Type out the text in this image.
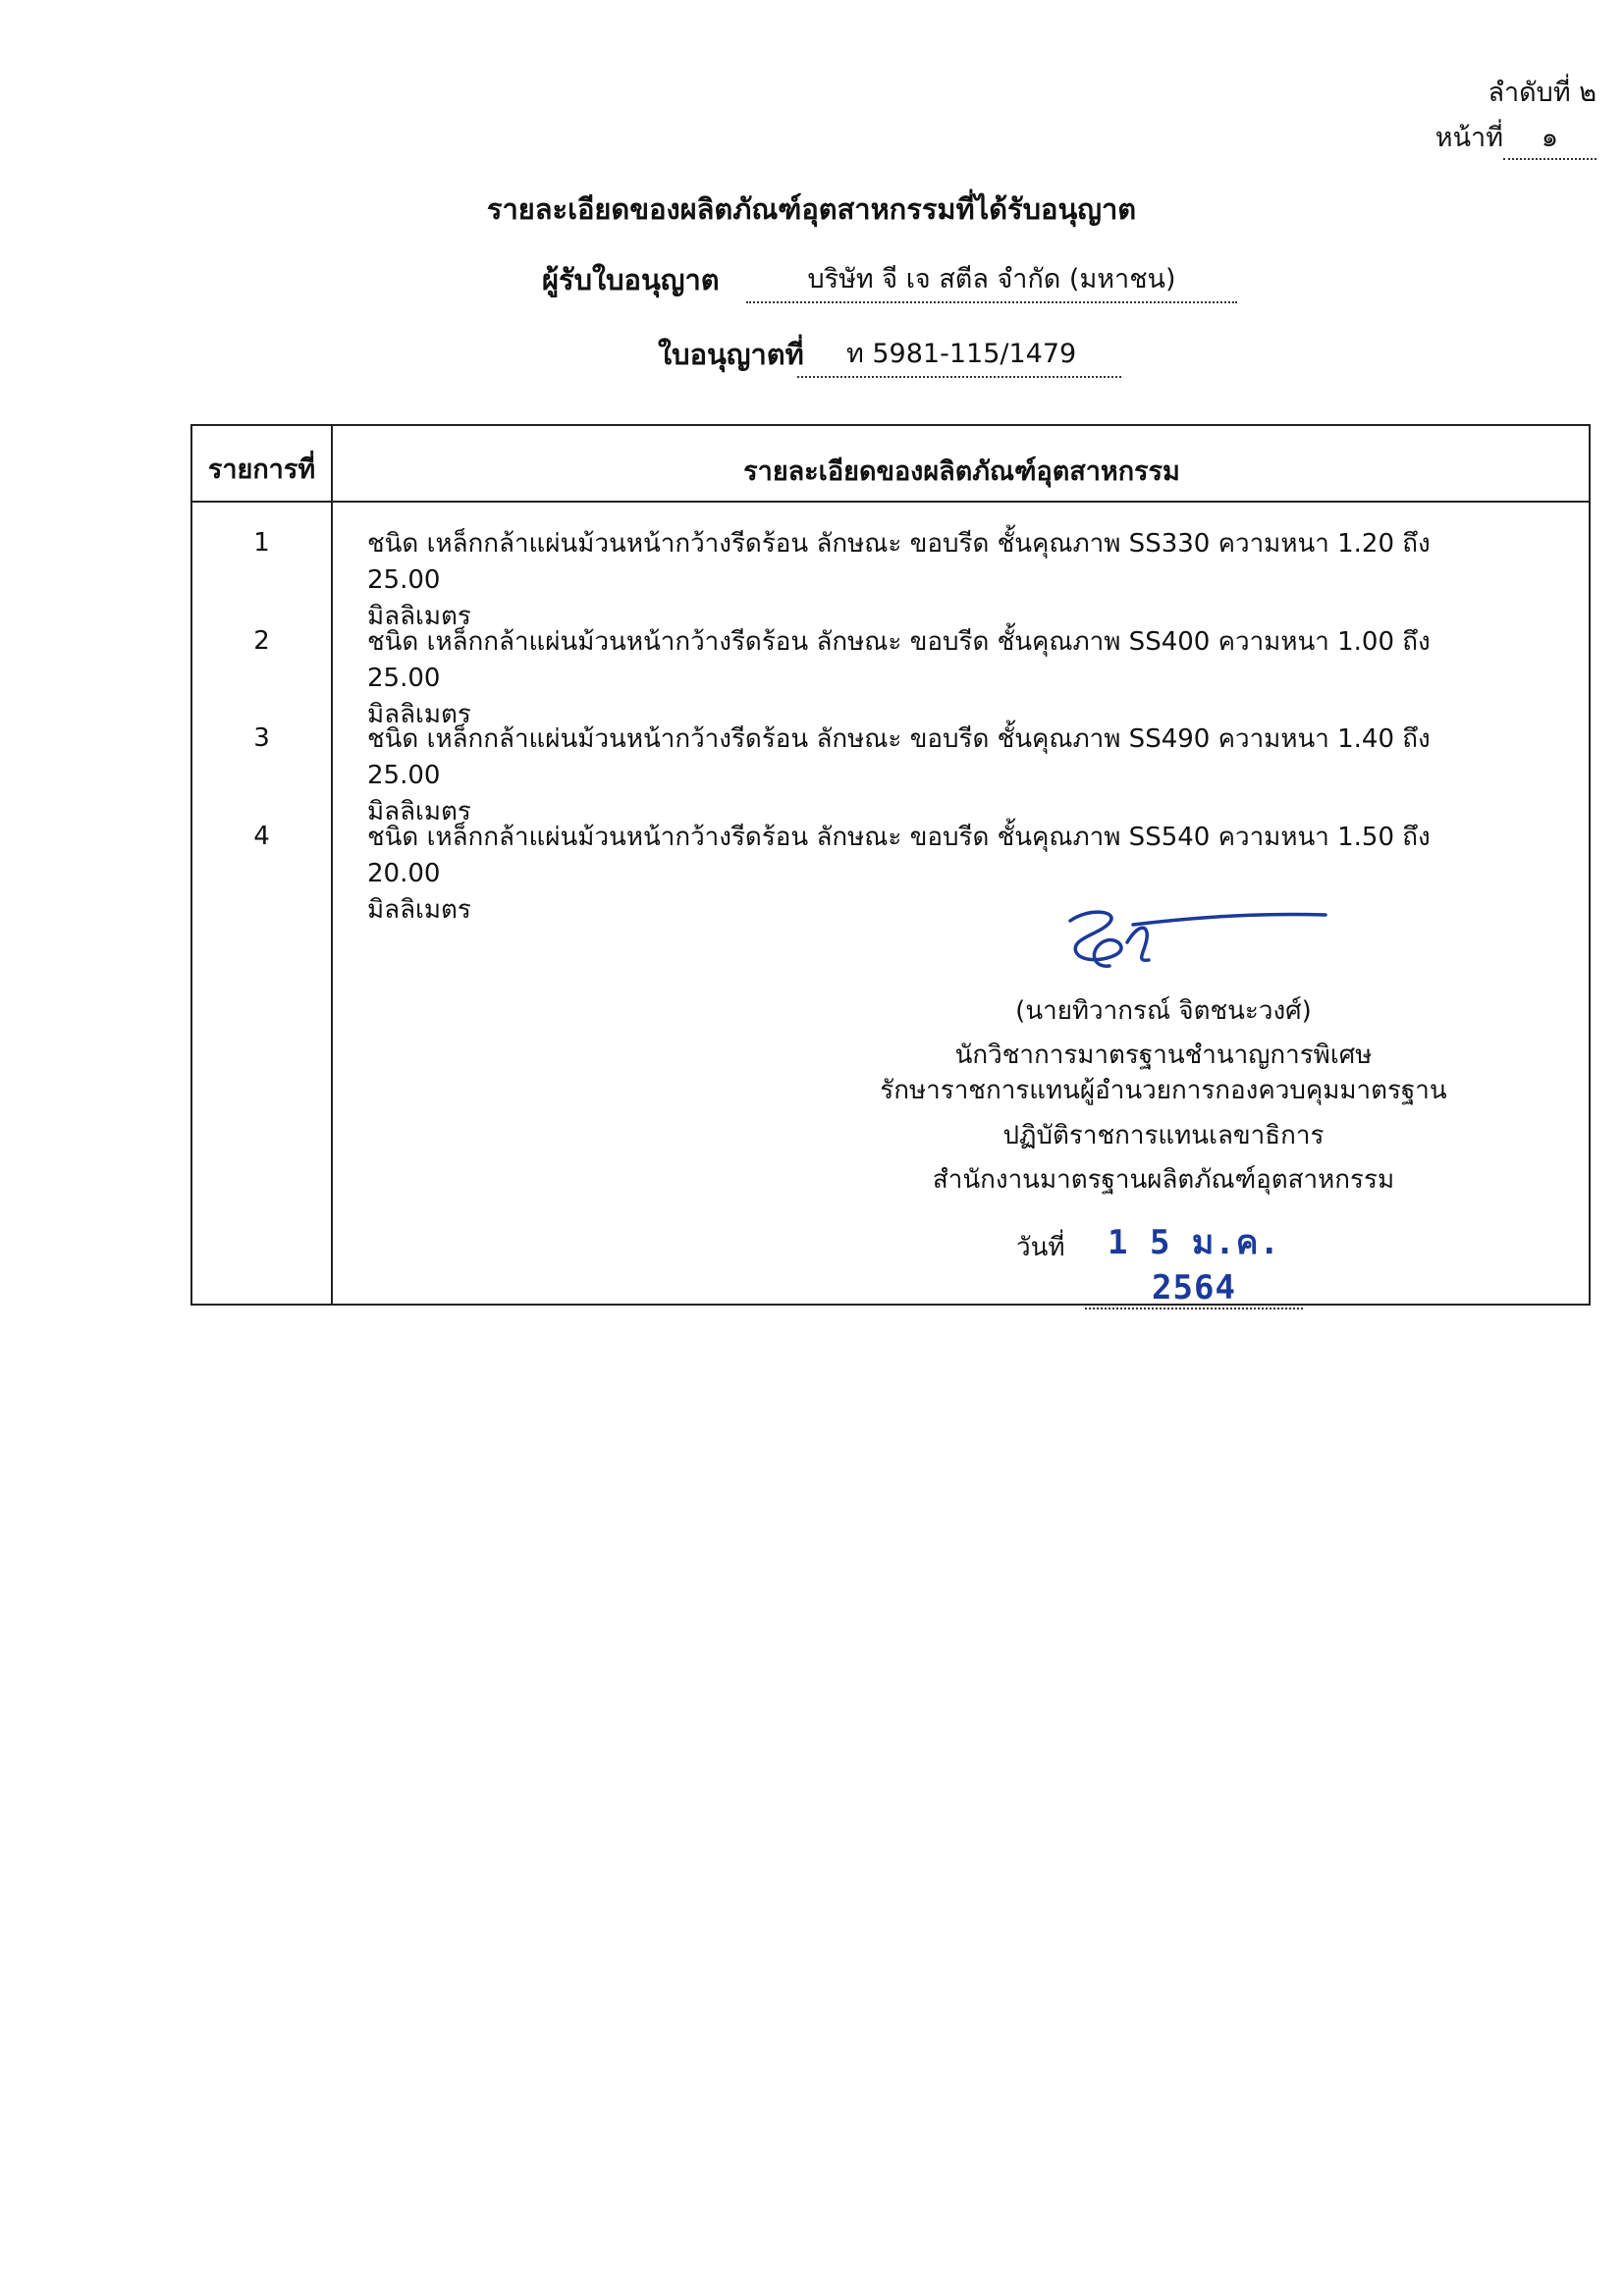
ลำดับที่ ๒
หน้าที่ ๑
รายละเอียดของผลิตภัณฑ์อุตสาหกรรมที่ได้รับอนุญาต
ผู้รับใบอนุญาต	บริษัท จี เจ สตีล จำกัด (มหาชน)
ใบอนุญาตที่	ท 5981-115/1479
รายการที่	รายละเอียดของผลิตภัณฑ์อุตสาหกรรม
1	ชนิด เหล็กกล้าแผ่นม้วนหน้ากว้างรีดร้อน ลักษณะ ขอบรีด ชั้นคุณภาพ SS330 ความหนา 1.20 ถึง 25.00
มิลลิเมตร
2	ชนิด เหล็กกล้าแผ่นม้วนหน้ากว้างรีดร้อน ลักษณะ ขอบรีด ชั้นคุณภาพ SS400 ความหนา 1.00 ถึง 25.00
มิลลิเมตร
3	ชนิด เหล็กกล้าแผ่นม้วนหน้ากว้างรีดร้อน ลักษณะ ขอบรีด ชั้นคุณภาพ SS490 ความหนา 1.40 ถึง 25.00
มิลลิเมตร
4	ชนิด เหล็กกล้าแผ่นม้วนหน้ากว้างรีดร้อน ลักษณะ ขอบรีด ชั้นคุณภาพ SS540 ความหนา 1.50 ถึง 20.00
มิลลิเมตร
(นายทิวากรณ์ จิตชนะวงศ์)
นักวิชาการมาตรฐานชำนาญการพิเศษ
รักษาราชการแทนผู้อำนวยการกองควบคุมมาตรฐาน
ปฏิบัติราชการแทนเลขาธิการ
สำนักงานมาตรฐานผลิตภัณฑ์อุตสาหกรรม
วันที่	1 5 ม.ค. 2564
